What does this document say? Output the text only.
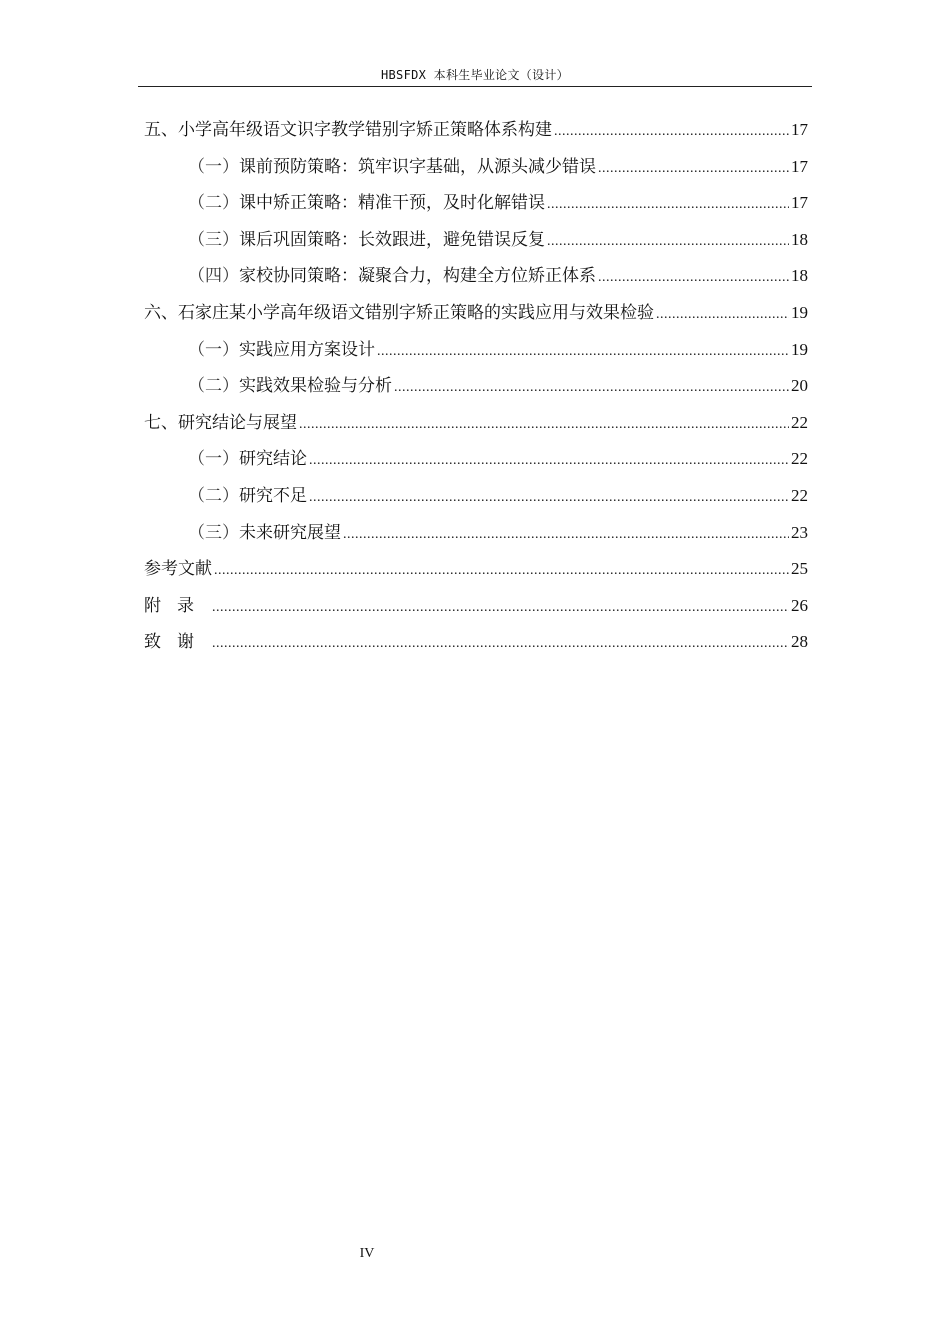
HBSFDX 本科生毕业论文（设计）
五、 小学高年级语文识字教学错别字矫正策略体系构建 .....	17
（一） 课前预防策略：筑牢识字基础，从源头减少错误 .....	17
（二） 课中矫正策略：精准干预，及时化解错误 .....	17
（三） 课后巩固策略：长效跟进，避免错误反复 .....	18
（四） 家校协同策略：凝聚合力，构建全方位矫正体系 .....	18
六、 石家庄某小学高年级语文错别字矫正策略的实践应用与效果检验 .....	19
（一） 实践应用方案设计 .....	19
（二） 实践效果检验与分析 .....	20
七、 研究结论与展望 .....	22
（一） 研究结论 .....	22
（二） 研究不足 .....	22
（三） 未来研究展望 .....	23
参考文献 .....	25
附录 .....	26
致谢 .....	28
IV
